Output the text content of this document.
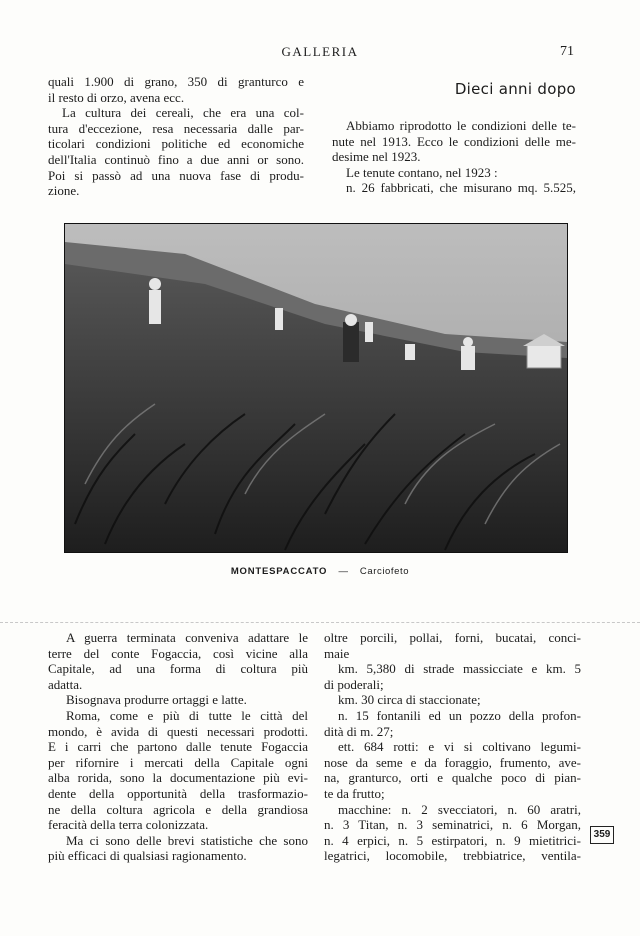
GALLERIA	71

quali 1.900 di grano, 350 di granturco e
il resto di orzo, avena ecc.

La cultura dei cereali, che era una col-
tura d'eccezione, resa necessaria dalle par-
ticolari condizioni politiche ed economiche
dell'Italia continuò fino a due anni or sono.
Poi si passò ad una nuova fase di produ-
zione.

Dieci anni dopo

Abbiamo riprodotto le condizioni delle te-
nute nel 1913. Ecco le condizioni delle me-
desime nel 1923.

Le tenute contano, nel 1923 :
n. 26 fabbricati, che misurano mq. 5.525,

MONTESPACCATO — Carciofeto

A guerra terminata conveniva adattare le
terre del conte Fogaccia, così vicine alla
Capitale, ad una forma di coltura più
adatta.

Bisognava produrre ortaggi e latte.

Roma, come e più di tutte le città del
mondo, è avida di questi necessari prodotti.
E i carri che partono dalle tenute Fogaccia
per rifornire i mercati della Capitale ogni
alba rorida, sono la documentazione più evi-
dente della opportunità della trasformazio-
ne della coltura agricola e della grandiosa
feracità della terra colonizzata.

Ma ci sono delle brevi statistiche che sono
più efficaci di qualsiasi ragionamento.

oltre porcili, pollai, forni, bucatai, conci-
maie

km. 5,380 di strade massicciate e km. 5
di poderali;

km. 30 circa di staccionate;

n. 15 fontanili ed un pozzo della profon-
dità di m. 27;

ett. 684 rotti: e vi si coltivano legumi-
nose da seme e da foraggio, frumento, ave-
na, granturco, orti e qualche poco di pian-
te da frutto;

macchine: n. 2 svecciatori, n. 60 aratri,
n. 3 Titan, n. 3 seminatrici, n. 6 Morgan,
n. 4 erpici, n. 5 estirpatori, n. 9 mietitrici-
legatrici, locomobile, trebbiatrice, ventila-

359
